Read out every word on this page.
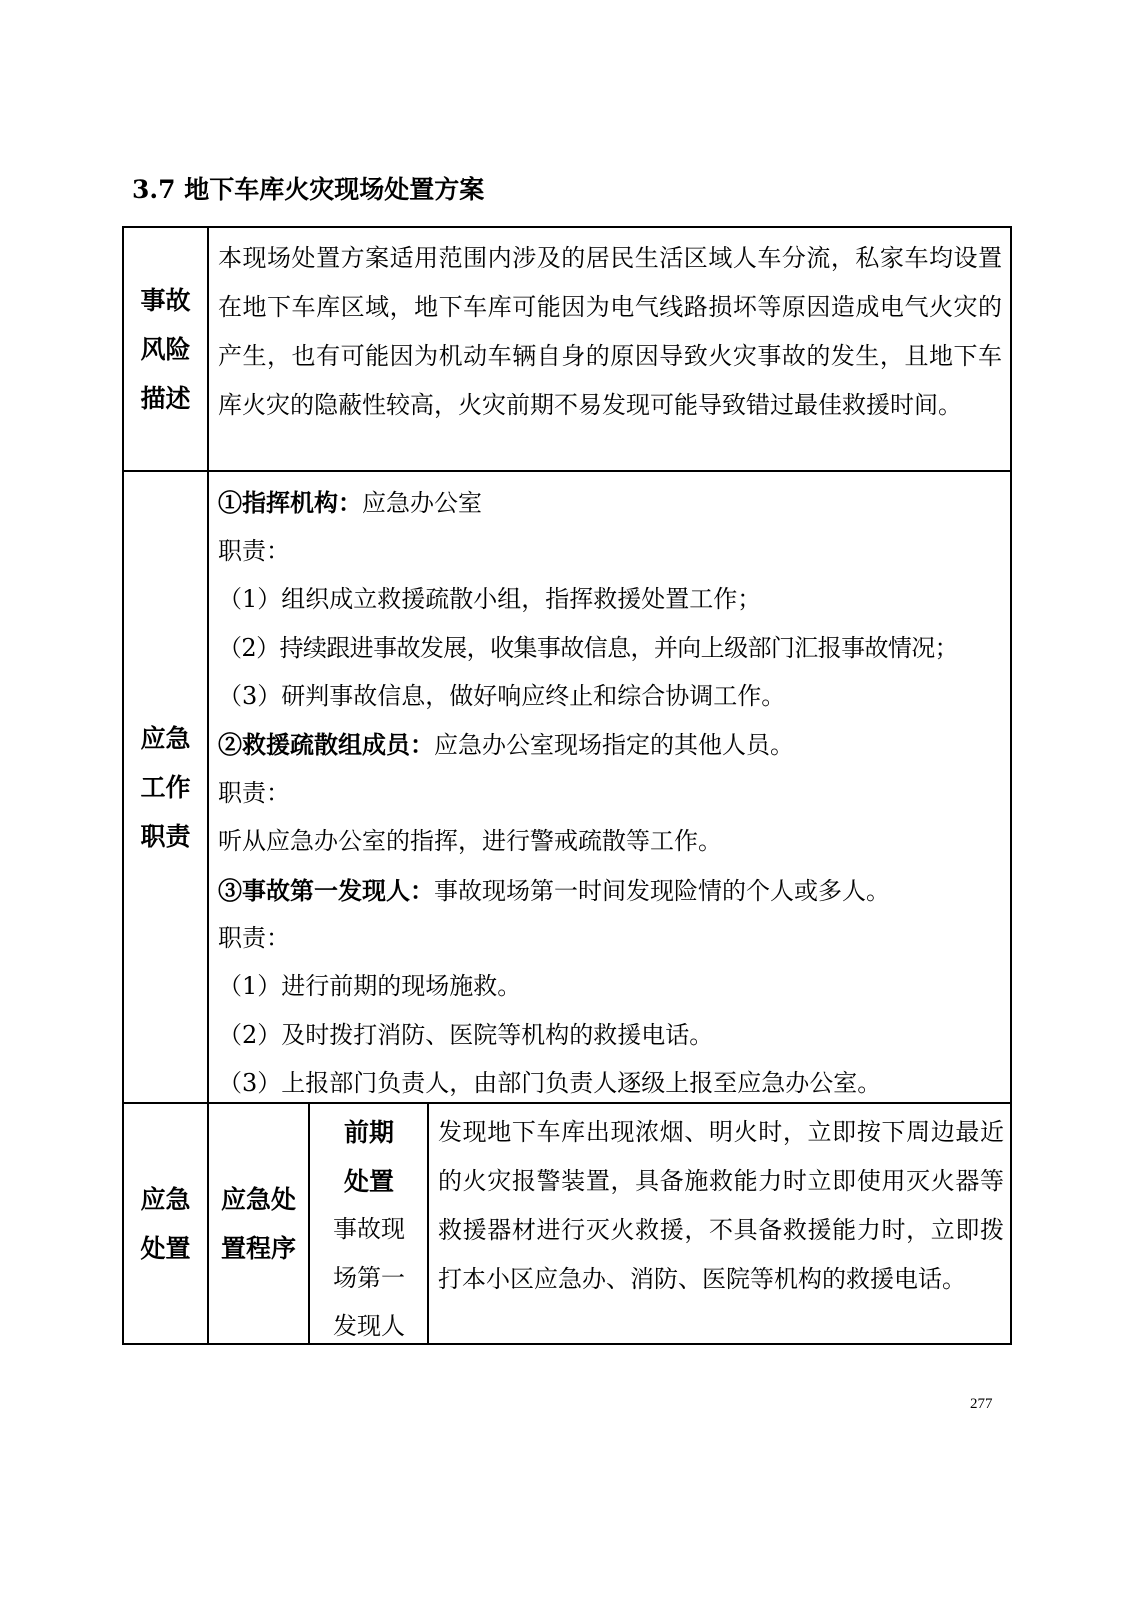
3.7 地下车库火灾现场处置方案
事故
风险
描述
本现场处置方案适用范围内涉及的居民生活区域人车分流，私家车均设置在地下车库区域，地下车库可能因为电气线路损坏等原因造成电气火灾的产生，也有可能因为机动车辆自身的原因导致火灾事故的发生，且地下车库火灾的隐蔽性较高，火灾前期不易发现可能导致错过最佳救援时间。
应急
工作
职责
①指挥机构：应急办公室
职责：
（1）组织成立救援疏散小组，指挥救援处置工作；
（2）持续跟进事故发展，收集事故信息，并向上级部门汇报事故情况；
（3）研判事故信息，做好响应终止和综合协调工作。
②救援疏散组成员：应急办公室现场指定的其他人员。
职责：
听从应急办公室的指挥，进行警戒疏散等工作。
③事故第一发现人：事故现场第一时间发现险情的个人或多人。
职责：
（1）进行前期的现场施救。
（2）及时拨打消防、医院等机构的救援电话。
（3）上报部门负责人，由部门负责人逐级上报至应急办公室。
应急
处置
应急处
置程序
前期
处置
事故现
场第一
发现人
发现地下车库出现浓烟、明火时，立即按下周边最近的火灾报警装置，具备施救能力时立即使用灭火器等救援器材进行灭火救援，不具备救援能力时，立即拨打本小区应急办、消防、医院等机构的救援电话。
277
